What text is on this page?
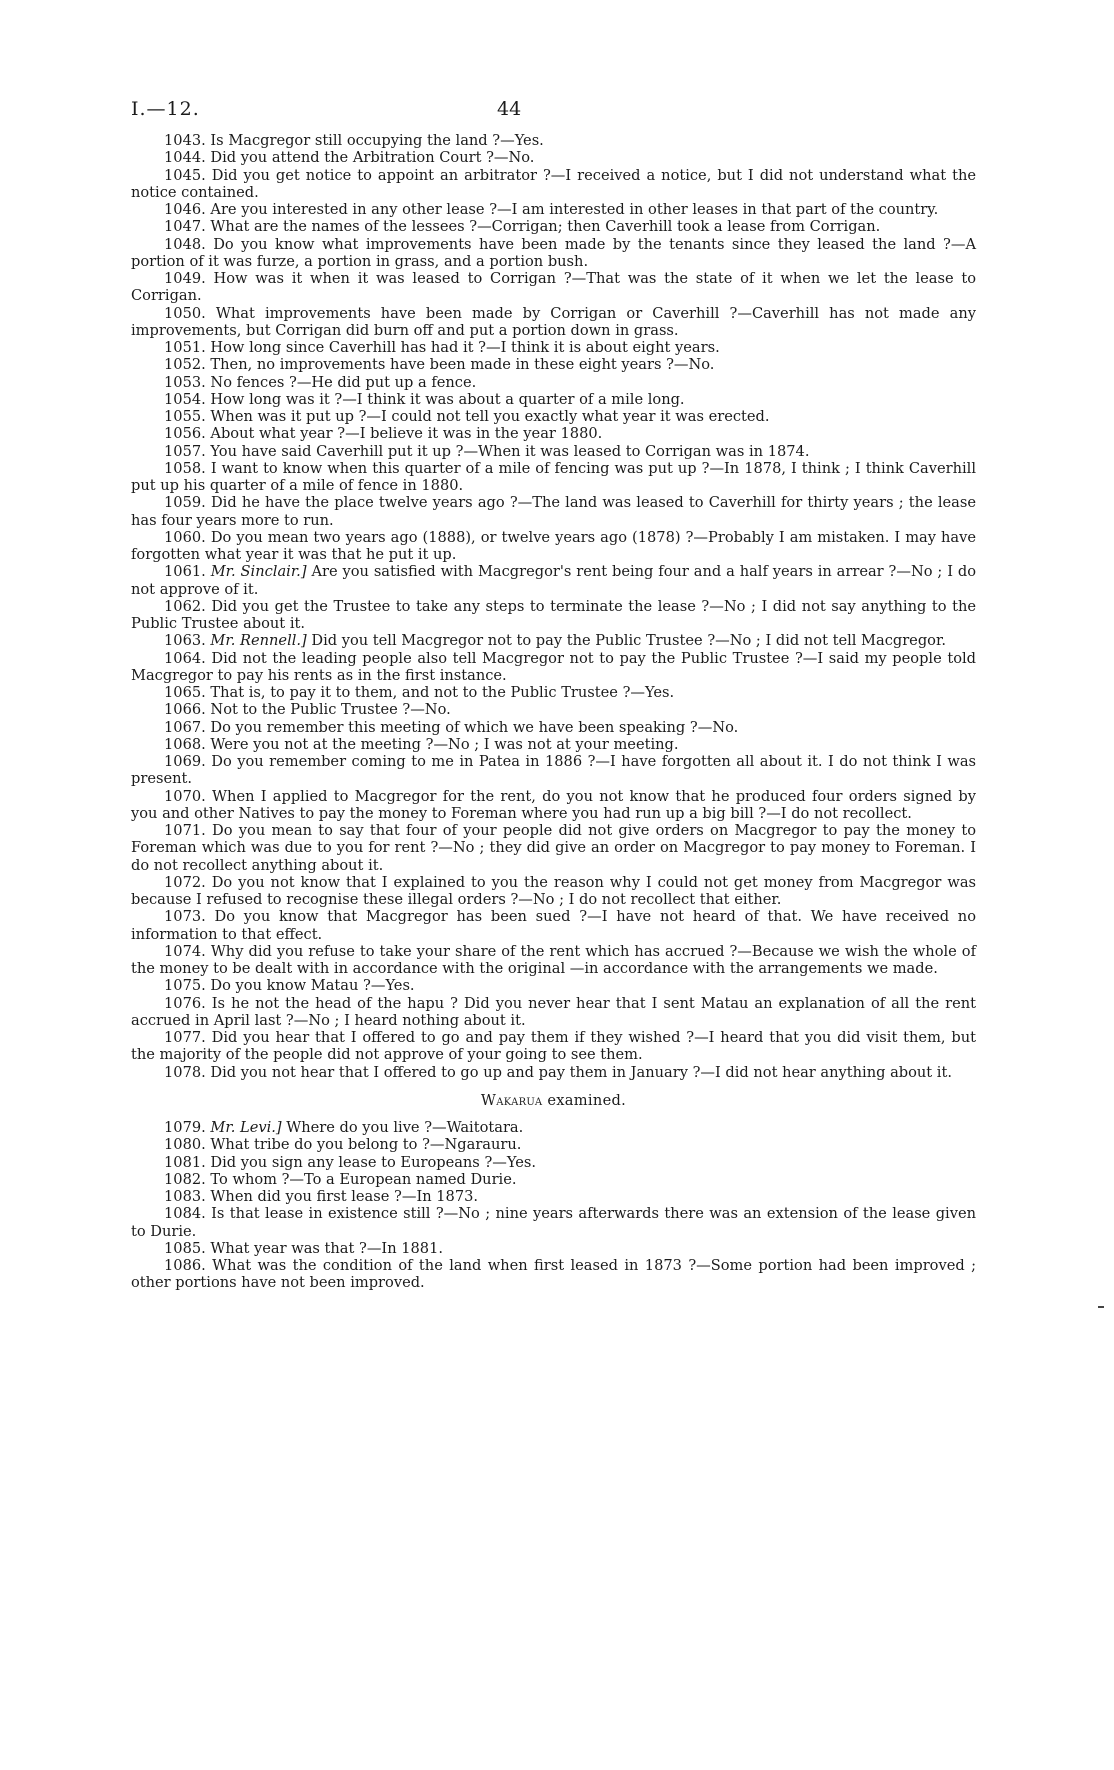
I.—12.	44

1043. Is Macgregor still occupying the land ?—Yes.

1044. Did you attend the Arbitration Court ?—No.

1045. Did you get notice to appoint an arbitrator ?—I received a notice, but I did not understand what the notice contained.

1046. Are you interested in any other lease ?—I am interested in other leases in that part of the country.

1047. What are the names of the lessees ?—Corrigan; then Caverhill took a lease from Corrigan.

1048. Do you know what improvements have been made by the tenants since they leased the land ?—A portion of it was furze, a portion in grass, and a portion bush.

1049. How was it when it was leased to Corrigan ?—That was the state of it when we let the lease to Corrigan.

1050. What improvements have been made by Corrigan or Caverhill ?—Caverhill has not made any improvements, but Corrigan did burn off and put a portion down in grass.

1051. How long since Caverhill has had it ?—I think it is about eight years.

1052. Then, no improvements have been made in these eight years ?—No.

1053. No fences ?—He did put up a fence.

1054. How long was it ?—I think it was about a quarter of a mile long.

1055. When was it put up ?—I could not tell you exactly what year it was erected.

1056. About what year ?—I believe it was in the year 1880.

1057. You have said Caverhill put it up ?—When it was leased to Corrigan was in 1874.

1058. I want to know when this quarter of a mile of fencing was put up ?—In 1878, I think ; I think Caverhill put up his quarter of a mile of fence in 1880.

1059. Did he have the place twelve years ago ?—The land was leased to Caverhill for thirty years ; the lease has four years more to run.

1060. Do you mean two years ago (1888), or twelve years ago (1878) ?—Probably I am mistaken. I may have forgotten what year it was that he put it up.

1061. Mr. Sinclair.] Are you satisfied with Macgregor's rent being four and a half years in arrear ?—No ; I do not approve of it.

1062. Did you get the Trustee to take any steps to terminate the lease ?—No ; I did not say anything to the Public Trustee about it.

1063. Mr. Rennell.] Did you tell Macgregor not to pay the Public Trustee ?—No ; I did not tell Macgregor.

1064. Did not the leading people also tell Macgregor not to pay the Public Trustee ?—I said my people told Macgregor to pay his rents as in the first instance.

1065. That is, to pay it to them, and not to the Public Trustee ?—Yes.

1066. Not to the Public Trustee ?—No.

1067. Do you remember this meeting of which we have been speaking ?—No.

1068. Were you not at the meeting ?—No ; I was not at your meeting.

1069. Do you remember coming to me in Patea in 1886 ?—I have forgotten all about it. I do not think I was present.

1070. When I applied to Macgregor for the rent, do you not know that he produced four orders signed by you and other Natives to pay the money to Foreman where you had run up a big bill ?—I do not recollect.

1071. Do you mean to say that four of your people did not give orders on Macgregor to pay the money to Foreman which was due to you for rent ?—No ; they did give an order on Macgregor to pay money to Foreman. I do not recollect anything about it.

1072. Do you not know that I explained to you the reason why I could not get money from Macgregor was because I refused to recognise these illegal orders ?—No ; I do not recollect that either.

1073. Do you know that Macgregor has been sued ?—I have not heard of that. We have received no information to that effect.

1074. Why did you refuse to take your share of the rent which has accrued ?—Because we wish the whole of the money to be dealt with in accordance with the original —in accordance with the arrangements we made.

1075. Do you know Matau ?—Yes.

1076. Is he not the head of the hapu ? Did you never hear that I sent Matau an explanation of all the rent accrued in April last ?—No ; I heard nothing about it.

1077. Did you hear that I offered to go and pay them if they wished ?—I heard that you did visit them, but the majority of the people did not approve of your going to see them.

1078. Did you not hear that I offered to go up and pay them in January ?—I did not hear anything about it.

Wakarua examined.

1079. Mr. Levi.] Where do you live ?—Waitotara.

1080. What tribe do you belong to ?—Ngarauru.

1081. Did you sign any lease to Europeans ?—Yes.

1082. To whom ?—To a European named Durie.

1083. When did you first lease ?—In 1873.

1084. Is that lease in existence still ?—No ; nine years afterwards there was an extension of the lease given to Durie.

1085. What year was that ?—In 1881.

1086. What was the condition of the land when first leased in 1873 ?—Some portion had been improved ; other portions have not been improved.
